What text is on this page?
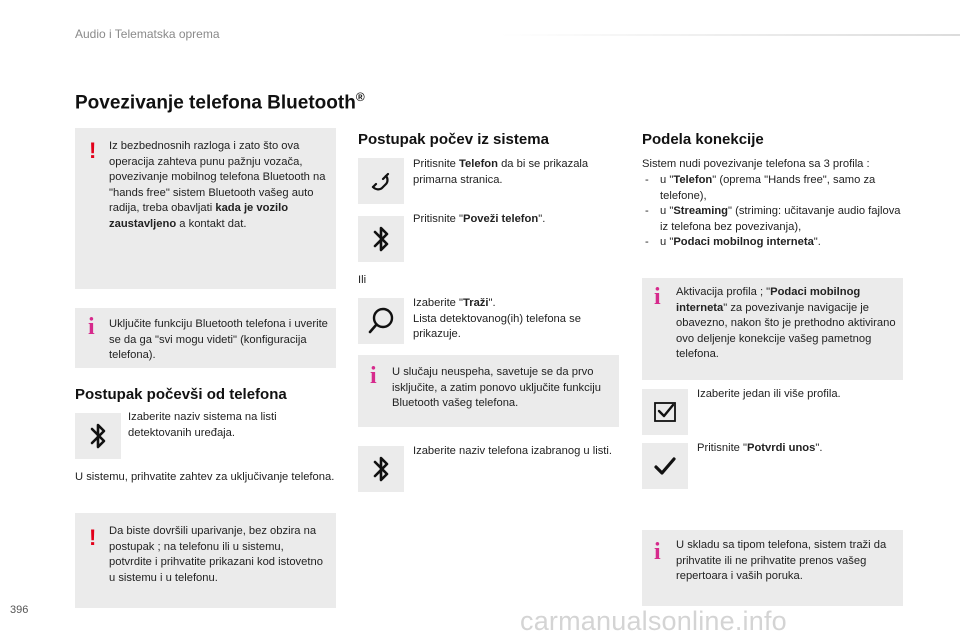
Audio i Telematska oprema
Povezivanje telefona Bluetooth®
! Iz bezbednosnih razloga i zato što ova operacija zahteva punu pažnju vozača, povezivanje mobilnog telefona Bluetooth na "hands free" sistem Bluetooth vašeg auto radija, treba obavljati kada je vozilo zaustavljeno a kontakt dat.
i Uključite funkciju Bluetooth telefona i uverite se da ga "svi mogu videti" (konfiguracija telefona).
Postupak počevši od telefona
Izaberite naziv sistema na listi detektovanih uređaja.
U sistemu, prihvatite zahtev za uključivanje telefona.
! Da biste dovršili uparivanje, bez obzira na postupak ; na telefonu ili u sistemu, potvrdite i prihvatite prikazani kod istovetno u sistemu i u telefonu.
Postupak počev iz sistema
Pritisnite Telefon da bi se prikazala primarna stranica.
Pritisnite "Poveži telefon".
Ili
Izaberite "Traži".
Lista detektovanog(ih) telefona se prikazuje.
i U slučaju neuspeha, savetuje se da prvo isključite, a zatim ponovo uključite funkciju Bluetooth vašeg telefona.
Izaberite naziv telefona izabranog u listi.
Podela konekcije
Sistem nudi povezivanje telefona sa 3 profila :
- u "Telefon" (oprema "Hands free", samo za telefone),
- u "Streaming" (striming: učitavanje audio fajlova iz telefona bez povezivanja),
- u "Podaci mobilnog interneta".
i Aktivacija profila ; "Podaci mobilnog interneta" za povezivanje navigacije je obavezno, nakon što je prethodno aktivirano ovo deljenje konekcije vašeg pametnog telefona.
Izaberite jedan ili više profila.
Pritisnite "Potvrdi unos".
i U skladu sa tipom telefona, sistem traži da prihvatite ili ne prihvatite prenos vašeg repertoara i vaših poruka.
396	carmanualsonline.info
